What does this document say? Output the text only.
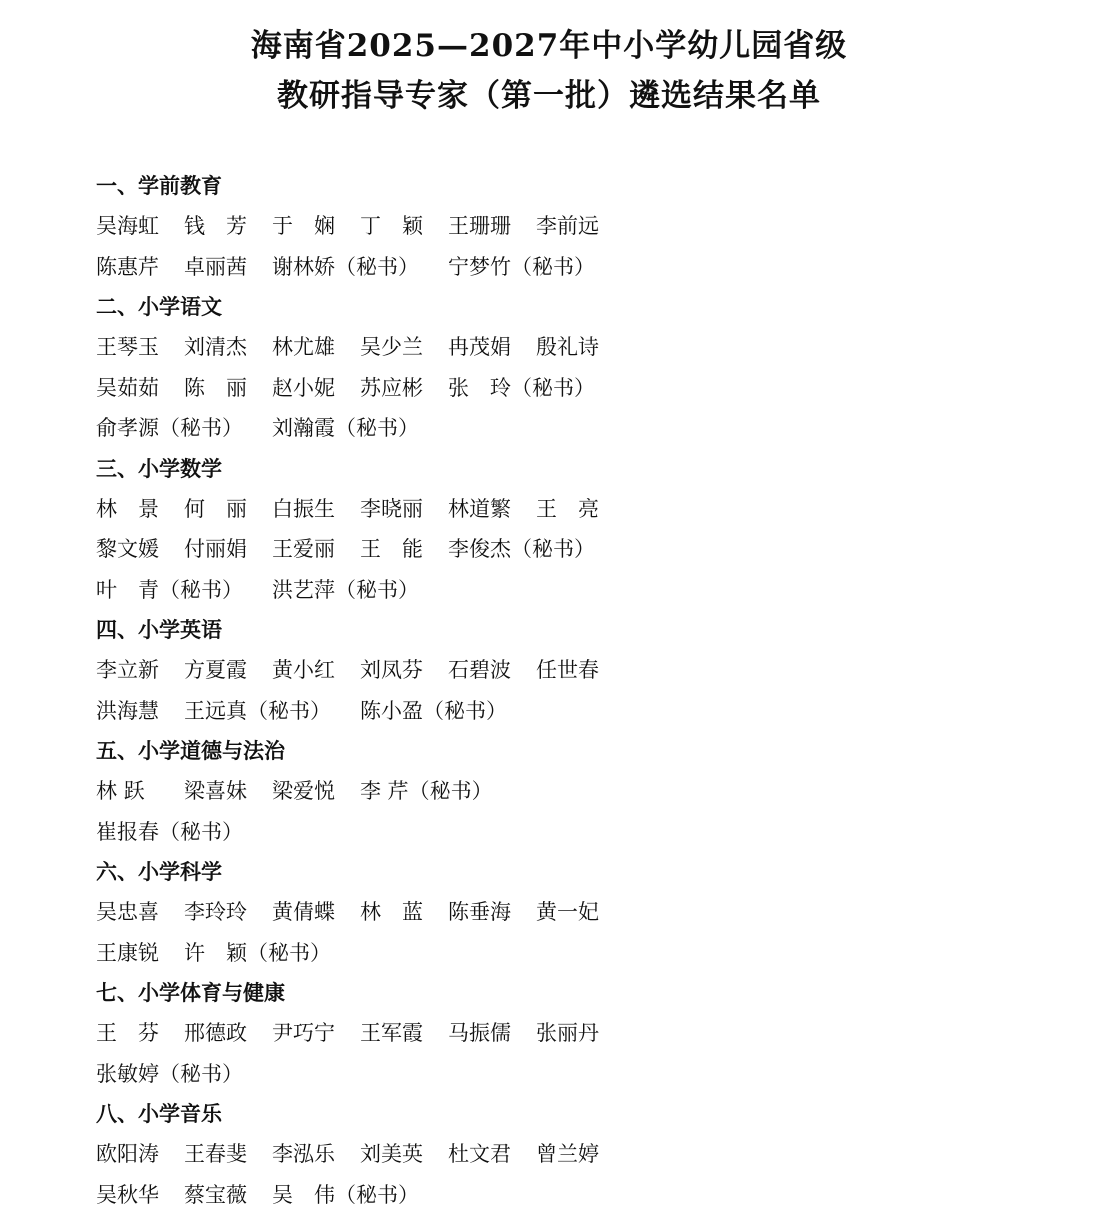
海南省2025—2027年中小学幼儿园省级
教研指导专家（第一批）遴选结果名单
一、学前教育
吴海虹 钱　芳 于　娴 丁　颖 王珊珊 李前远
陈惠芹 卓丽茜 谢林娇（秘书） 宁梦竹（秘书）
二、小学语文
王琴玉 刘清杰 林尤雄 吴少兰 冉茂娟 殷礼诗
吴茹茹 陈　丽 赵小妮 苏应彬 张　玲（秘书）
俞孝源（秘书） 刘瀚霞（秘书）
三、小学数学
林　景 何　丽 白振生 李晓丽 林道繁 王　亮
黎文媛 付丽娟 王爱丽 王　能 李俊杰（秘书）
叶　青（秘书） 洪艺萍（秘书）
四、小学英语
李立新 方夏霞 黄小红 刘凤芬 石碧波 任世春
洪海慧 王远真（秘书） 陈小盈（秘书）
五、小学道德与法治
林 跃 梁喜妹 梁爱悦 李 芹（秘书）
崔报春（秘书）
六、小学科学
吴忠喜 李玲玲 黄倩蝶 林　蓝 陈垂海 黄一妃
王康锐 许　颖（秘书）
七、小学体育与健康
王　芬 邢德政 尹巧宁 王军霞 马振儒 张丽丹
张敏婷（秘书）
八、小学音乐
欧阳涛 王春斐 李泓乐 刘美英 杜文君 曾兰婷
吴秋华 蔡宝薇 吴　伟（秘书）
